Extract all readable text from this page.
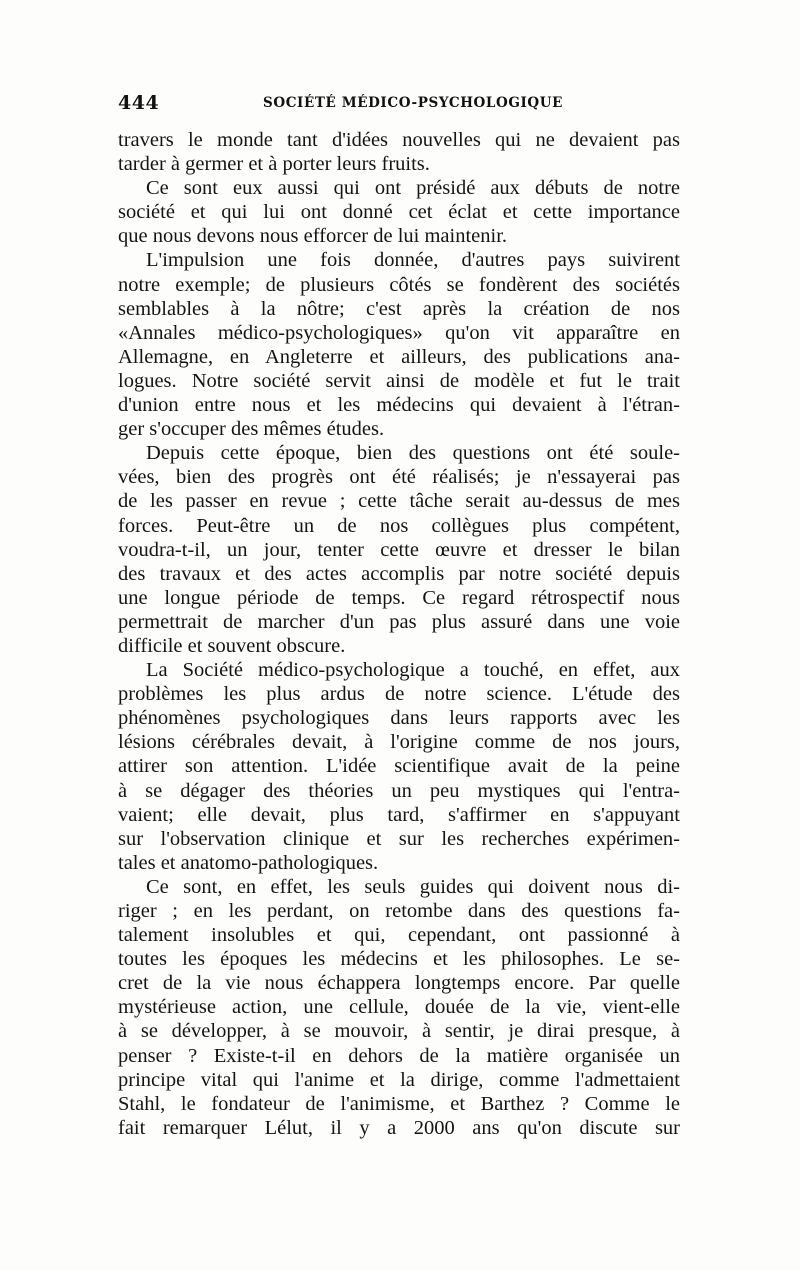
444	SOCIÉTÉ MÉDICO-PSYCHOLOGIQUE
travers le monde tant d'idées nouvelles qui ne devaient pas
tarder à germer et à porter leurs fruits.
Ce sont eux aussi qui ont présidé aux débuts de notre
société et qui lui ont donné cet éclat et cette importance
que nous devons nous efforcer de lui maintenir.
L'impulsion une fois donnée, d'autres pays suivirent
notre exemple; de plusieurs côtés se fondèrent des sociétés
semblables à la nôtre; c'est après la création de nos
«Annales médico-psychologiques» qu'on vit apparaître en
Allemagne, en Angleterre et ailleurs, des publications ana-
logues. Notre société servit ainsi de modèle et fut le trait
d'union entre nous et les médecins qui devaient à l'étran-
ger s'occuper des mêmes études.
Depuis cette époque, bien des questions ont été soule-
vées, bien des progrès ont été réalisés; je n'essayerai pas
de les passer en revue ; cette tâche serait au-dessus de mes
forces. Peut-être un de nos collègues plus compétent,
voudra-t-il, un jour, tenter cette œuvre et dresser le bilan
des travaux et des actes accomplis par notre société depuis
une longue période de temps. Ce regard rétrospectif nous
permettrait de marcher d'un pas plus assuré dans une voie
difficile et souvent obscure.
La Société médico-psychologique a touché, en effet, aux
problèmes les plus ardus de notre science. L'étude des
phénomènes psychologiques dans leurs rapports avec les
lésions cérébrales devait, à l'origine comme de nos jours,
attirer son attention. L'idée scientifique avait de la peine
à se dégager des théories un peu mystiques qui l'entra-
vaient; elle devait, plus tard, s'affirmer en s'appuyant
sur l'observation clinique et sur les recherches expérimen-
tales et anatomo-pathologiques.
Ce sont, en effet, les seuls guides qui doivent nous di-
riger ; en les perdant, on retombe dans des questions fa-
talement insolubles et qui, cependant, ont passionné à
toutes les époques les médecins et les philosophes. Le se-
cret de la vie nous échappera longtemps encore. Par quelle
mystérieuse action, une cellule, douée de la vie, vient-elle
à se développer, à se mouvoir, à sentir, je dirai presque, à
penser ? Existe-t-il en dehors de la matière organisée un
principe vital qui l'anime et la dirige, comme l'admettaient
Stahl, le fondateur de l'animisme, et Barthez ? Comme le
fait remarquer Lélut, il y a 2000 ans qu'on discute sur
